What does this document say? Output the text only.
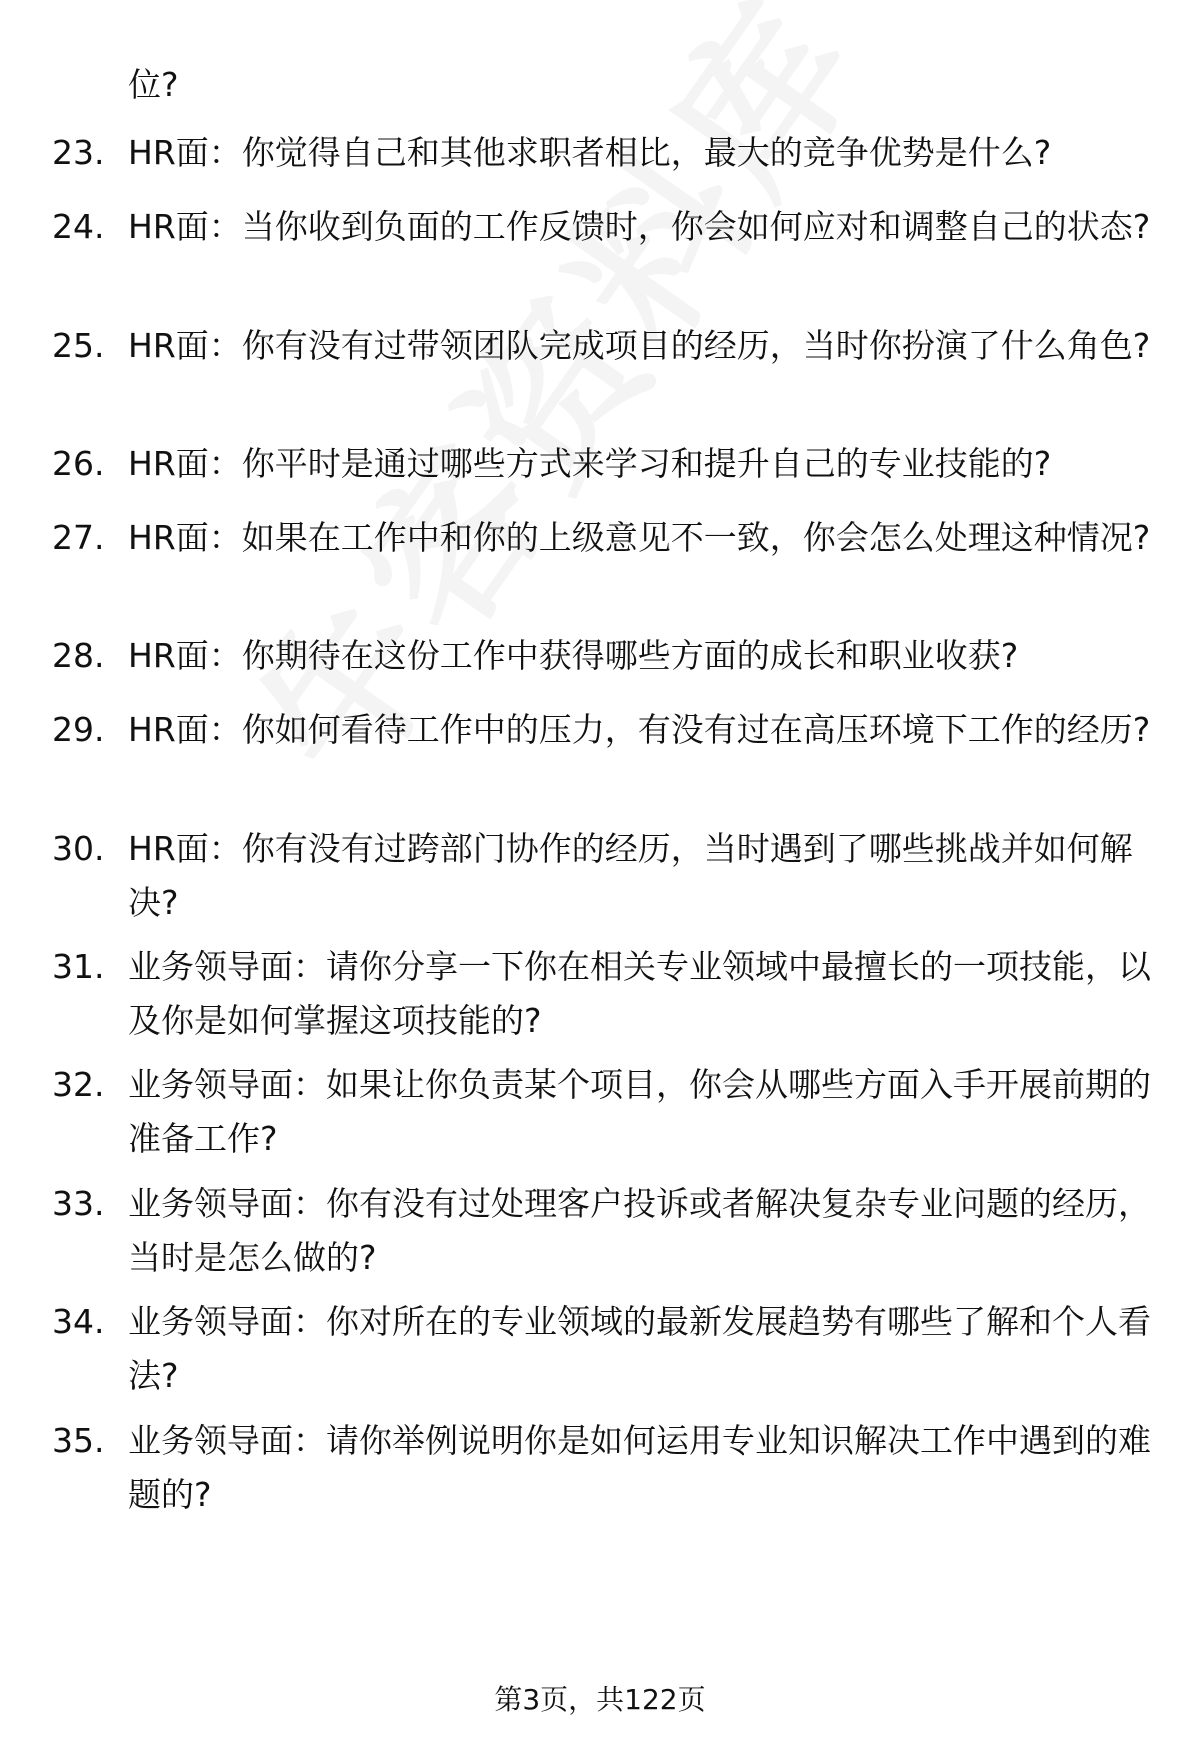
位?
23. HR面：你觉得自己和其他求职者相比，最大的竞争优势是什么?
24. HR面：当你收到负面的工作反馈时，你会如何应对和调整自己的状态?
25. HR面：你有没有过带领团队完成项目的经历，当时你扮演了什么角色?
26. HR面：你平时是通过哪些方式来学习和提升自己的专业技能的?
27. HR面：如果在工作中和你的上级意见不一致，你会怎么处理这种情况?
28. HR面：你期待在这份工作中获得哪些方面的成长和职业收获?
29. HR面：你如何看待工作中的压力，有没有过在高压环境下工作的经历?
30. HR面：你有没有过跨部门协作的经历，当时遇到了哪些挑战并如何解决?
31. 业务领导面：请你分享一下你在相关专业领域中最擅长的一项技能，以及你是如何掌握这项技能的?
32. 业务领导面：如果让你负责某个项目，你会从哪些方面入手开展前期的准备工作?
33. 业务领导面：你有没有过处理客户投诉或者解决复杂专业问题的经历，当时是怎么做的?
34. 业务领导面：你对所在的专业领域的最新发展趋势有哪些了解和个人看法?
35. 业务领导面：请你举例说明你是如何运用专业知识解决工作中遇到的难题的?
第3页，共122页
